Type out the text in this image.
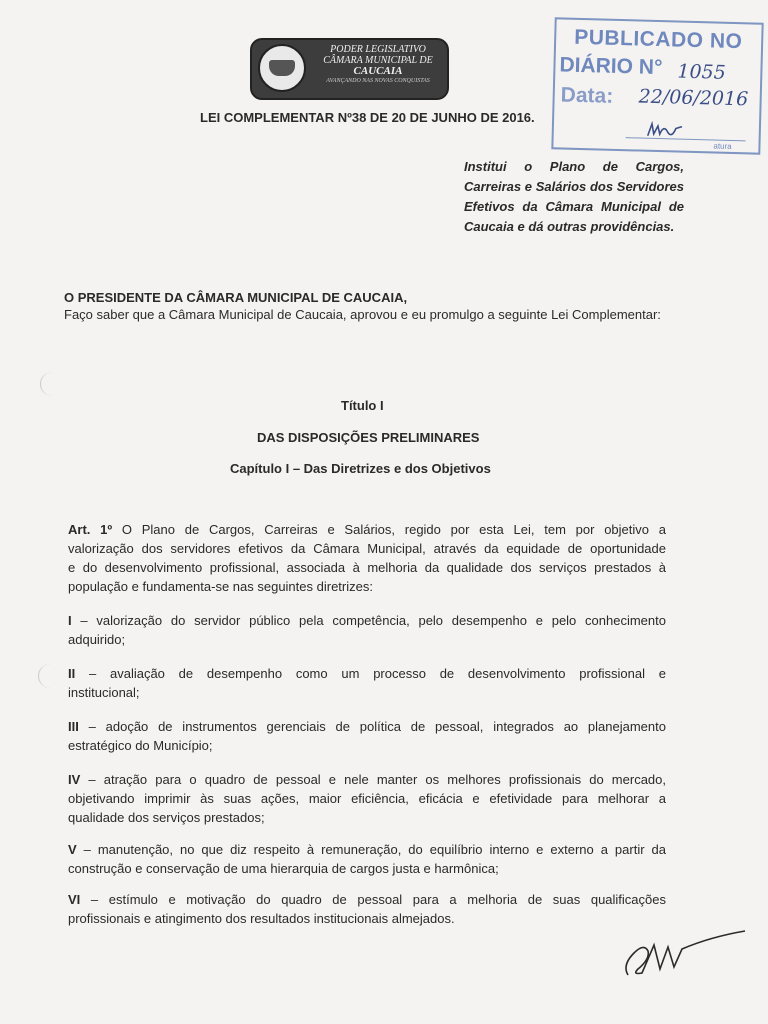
PODER LEGISLATIVO
CÂMARA MUNICIPAL DE
CAUCAIA
AVANÇANDO NAS NOVAS CONQUISTAS
PUBLICADO NO
DIÁRIO N° 1055
Data: 22/06/2016
atura
LEI COMPLEMENTAR Nº38 DE 20 DE JUNHO DE 2016.
Institui o Plano de Cargos,
Carreiras e Salários dos Servidores
Efetivos da Câmara Municipal de
Caucaia e dá outras providências.
O PRESIDENTE DA CÂMARA MUNICIPAL DE CAUCAIA,
Faço saber que a Câmara Municipal de Caucaia, aprovou e eu promulgo a seguinte Lei Complementar:
Título I
DAS DISPOSIÇÕES PRELIMINARES
Capítulo I – Das Diretrizes e dos Objetivos
Art. 1º O Plano de Cargos, Carreiras e Salários, regido por esta Lei, tem por objetivo a
valorização dos servidores efetivos da Câmara Municipal, através da equidade de oportunidade
e do desenvolvimento profissional, associada à melhoria da qualidade dos serviços prestados à
população e fundamenta-se nas seguintes diretrizes:
I – valorização do servidor público pela competência, pelo desempenho e pelo conhecimento
adquirido;
II – avaliação de desempenho como um processo de desenvolvimento profissional e
institucional;
III – adoção de instrumentos gerenciais de política de pessoal, integrados ao planejamento
estratégico do Município;
IV – atração para o quadro de pessoal e nele manter os melhores profissionais do mercado,
objetivando imprimir às suas ações, maior eficiência, eficácia e efetividade para melhorar a
qualidade dos serviços prestados;
V – manutenção, no que diz respeito à remuneração, do equilíbrio interno e externo a partir da
construção e conservação de uma hierarquia de cargos justa e harmônica;
VI – estímulo e motivação do quadro de pessoal para a melhoria de suas qualificações
profissionais e atingimento dos resultados institucionais almejados.
